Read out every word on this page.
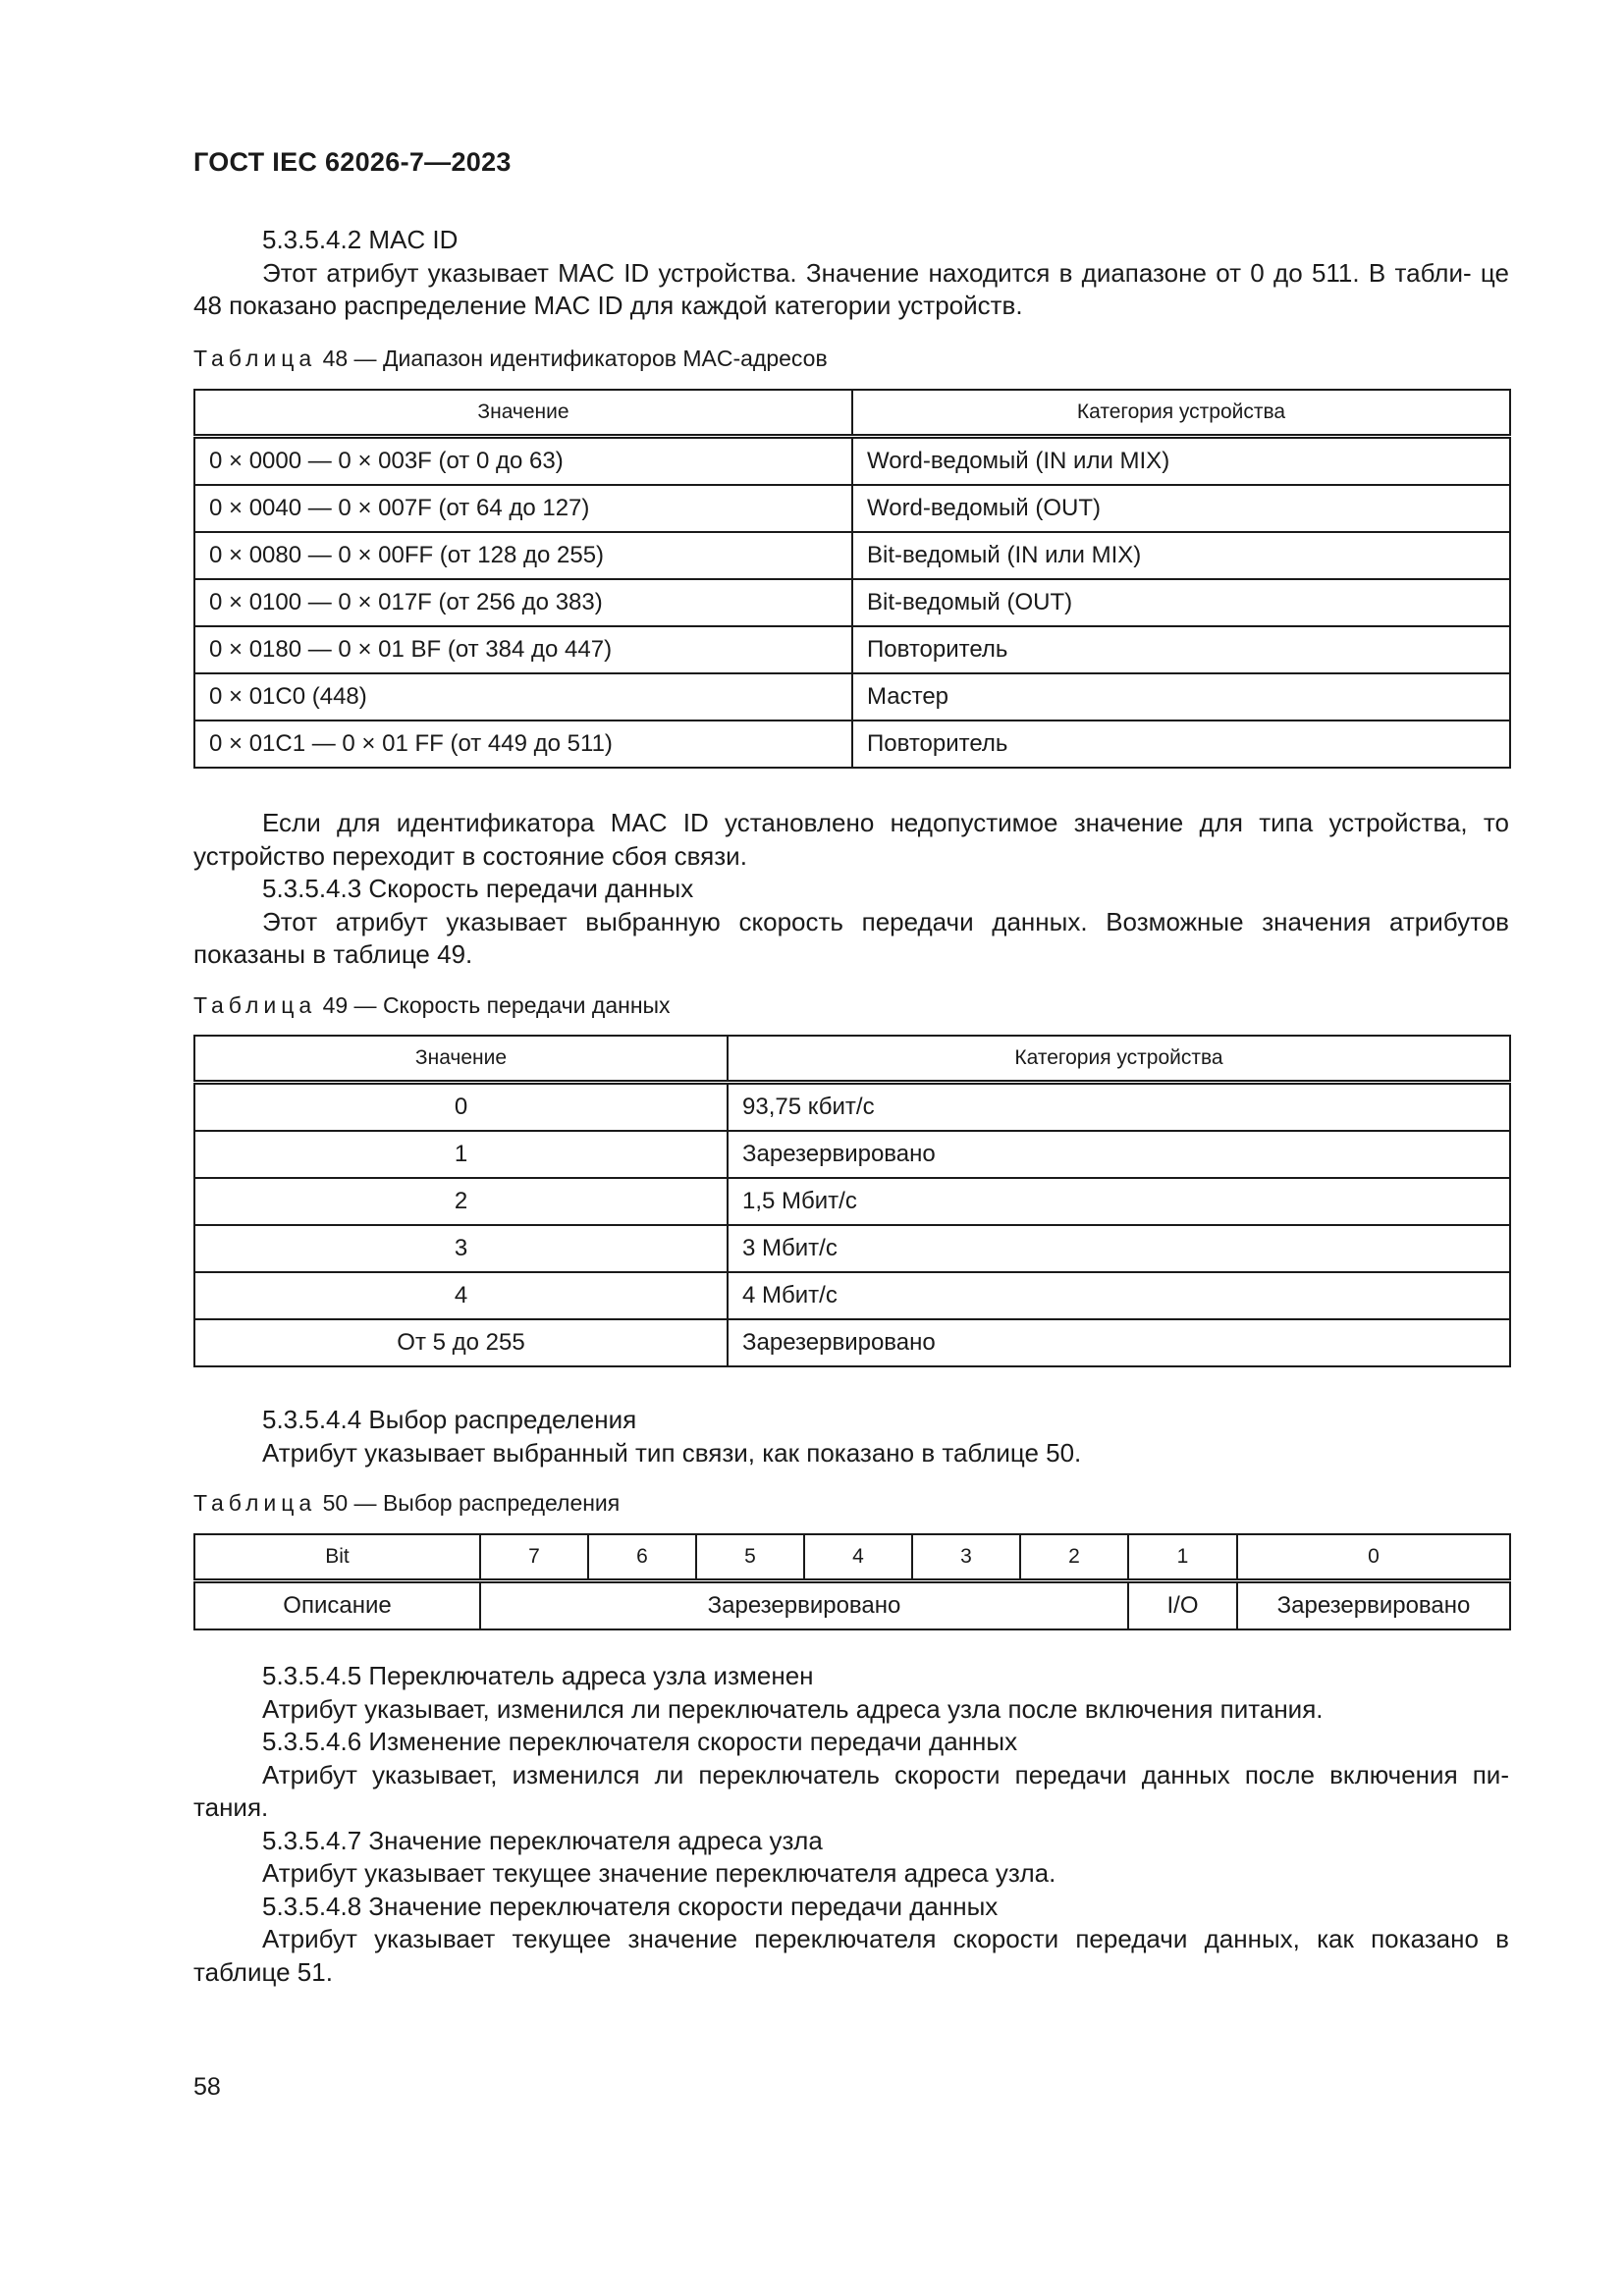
ГОСТ IEC 62026-7—2023
5.3.5.4.2 MAC ID
Этот атрибут указывает MAC ID устройства. Значение находится в диапазоне от 0 до 511. В табли- це 48 показано распределение MAC ID для каждой категории устройств.
Таблица 48 — Диапазон идентификаторов MAC-адресов
Значение	Категория устройства
0 × 0000 — 0 × 003F (от 0 до 63)	Word-ведомый (IN или MIX)
0 × 0040 — 0 × 007F (от 64 до 127)	Word-ведомый (OUT)
0 × 0080 — 0 × 00FF (от 128 до 255)	Bit-ведомый (IN или MIX)
0 × 0100 — 0 × 017F (от 256 до 383)	Bit-ведомый (OUT)
0 × 0180 — 0 × 01 BF (от 384 до 447)	Повторитель
0 × 01C0 (448)	Мастер
0 × 01C1 — 0 × 01 FF (от 449 до 511)	Повторитель
Если для идентификатора MAC ID установлено недопустимое значение для типа устройства, то устройство переходит в состояние сбоя связи.
5.3.5.4.3 Скорость передачи данных
Этот атрибут указывает выбранную скорость передачи данных. Возможные значения атрибутов показаны в таблице 49.
Таблица 49 — Скорость передачи данных
Значение	Категория устройства
0	93,75 кбит/с
1	Зарезервировано
2	1,5 Мбит/с
3	3 Мбит/с
4	4 Мбит/с
От 5 до 255	Зарезервировано
5.3.5.4.4 Выбор распределения
Атрибут указывает выбранный тип связи, как показано в таблице 50.
Таблица 50 — Выбор распределения
Bit	7	6	5	4	3	2	1	0
Описание	Зарезервировано						I/O	Зарезервировано
5.3.5.4.5 Переключатель адреса узла изменен
Атрибут указывает, изменился ли переключатель адреса узла после включения питания.
5.3.5.4.6 Изменение переключателя скорости передачи данных
Атрибут указывает, изменился ли переключатель скорости передачи данных после включения пи- тания.
5.3.5.4.7 Значение переключателя адреса узла
Атрибут указывает текущее значение переключателя адреса узла.
5.3.5.4.8 Значение переключателя скорости передачи данных
Атрибут указывает текущее значение переключателя скорости передачи данных, как показано в таблице 51.
58
